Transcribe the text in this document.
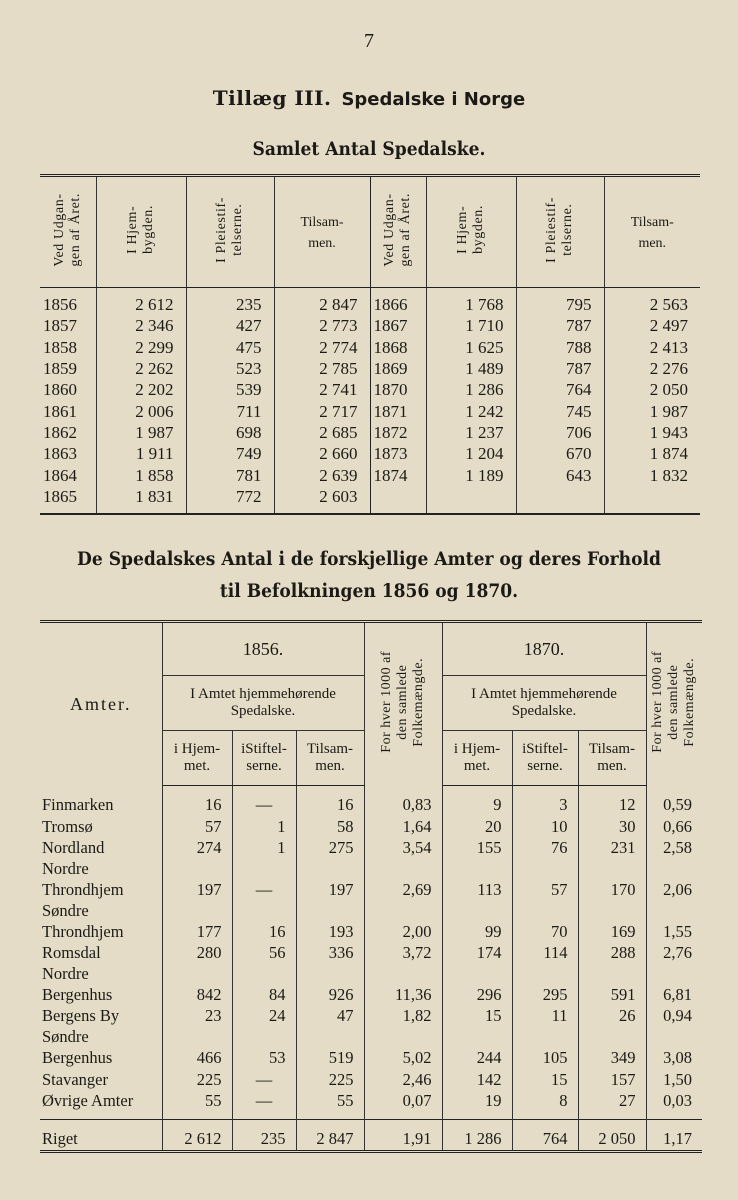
7
Tillæg III. Spedalske i Norge
Samlet Antal Spedalske.
Ved Udgan-
gen af Året.	I Hjem-
bygden.	I Pleiestif-
telserne.	Tilsam-
men.	Ved Udgan-
gen af Året.	I Hjem-
bygden.	I Pleiestif-
telserne.	Tilsam-
men.
1856	2 612	235	2 847	1866	1 768	795	2 563
1857	2 346	427	2 773	1867	1 710	787	2 497
1858	2 299	475	2 774	1868	1 625	788	2 413
1859	2 262	523	2 785	1869	1 489	787	2 276
1860	2 202	539	2 741	1870	1 286	764	2 050
1861	2 006	711	2 717	1871	1 242	745	1 987
1862	1 987	698	2 685	1872	1 237	706	1 943
1863	1 911	749	2 660	1873	1 204	670	1 874
1864	1 858	781	2 639	1874	1 189	643	1 832
1865	1 831	772	2 603				
De Spedalskes Antal i de forskjellige Amter og deres Forhold
til Befolkningen 1856 og 1870.
Amter.	1856.			For hver 1000 af
den samlede
Folkemængde.	1870.			For hver 1000 af
den samlede
Folkemængde.
	I Amtet hjemmehørende
Spedalske.				I Amtet hjemmehørende
Spedalske.			
	i Hjem-
met.	iStiftel-
serne.	Tilsam-
men.		i Hjem-
met.	iStiftel-
serne.	Tilsam-
men.	
Finmarken	16	—	16	0,83	9	3	12	0,59
Tromsø	57	1	58	1,64	20	10	30	0,66
Nordland	274	1	275	3,54	155	76	231	2,58
Nordre
Throndhjem	197	—	197	2,69	113	57	170	2,06
Søndre
Throndhjem	177	16	193	2,00	99	70	169	1,55
Romsdal	280	56	336	3,72	174	114	288	2,76
Nordre
Bergenhus	842	84	926	11,36	296	295	591	6,81
Bergens By	23	24	47	1,82	15	11	26	0,94
Søndre
Bergenhus	466	53	519	5,02	244	105	349	3,08
Stavanger	225	—	225	2,46	142	15	157	1,50
Øvrige Amter	55	—	55	0,07	19	8	27	0,03
Riget	2 612	235	2 847	1,91	1 286	764	2 050	1,17
